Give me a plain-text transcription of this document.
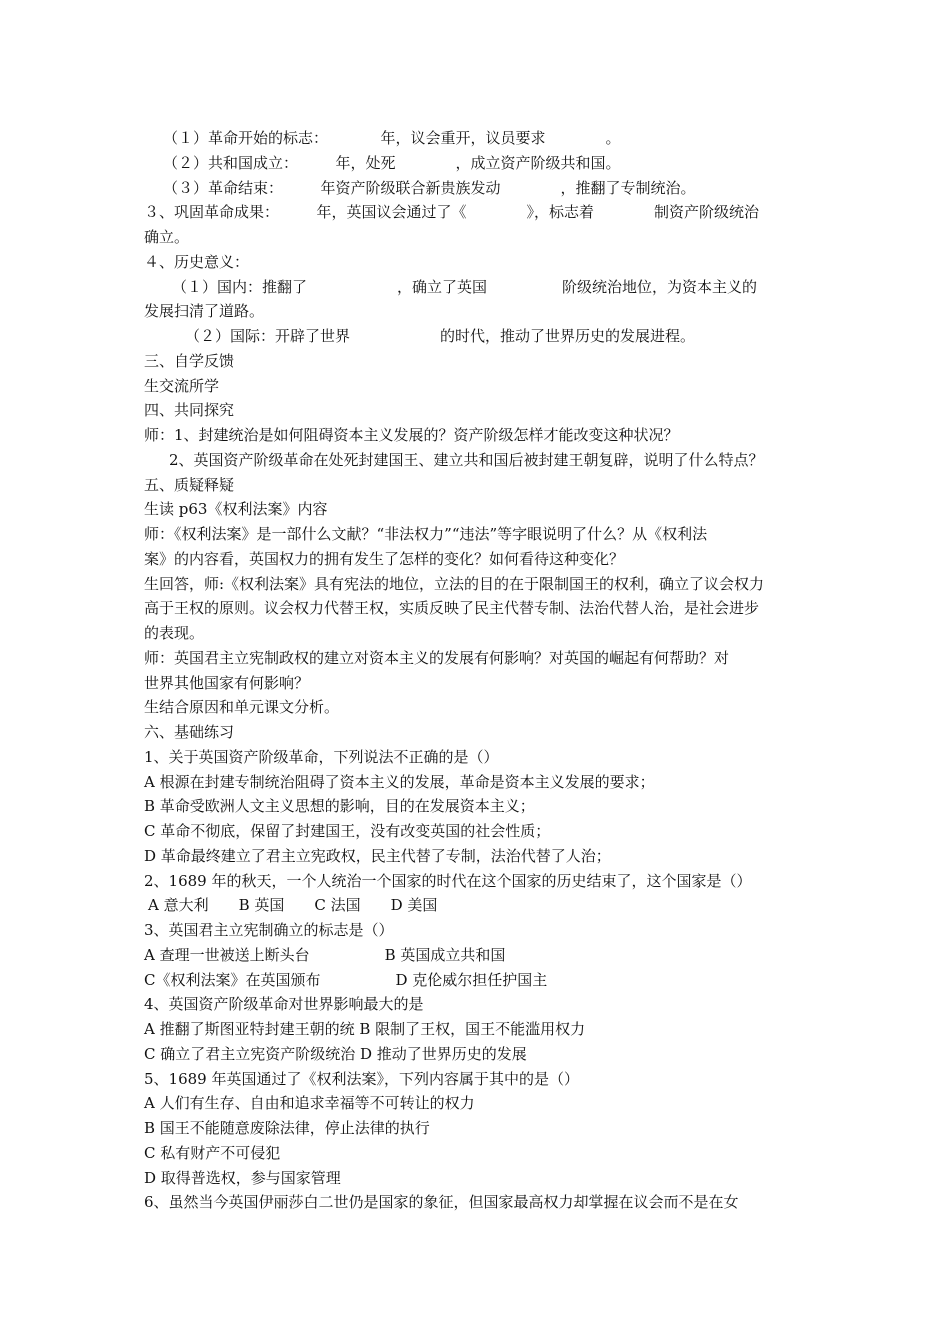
（１）革命开始的标志：　　　　年，议会重开，议员要求　　　　。
（２）共和国成立：　　　年，处死　　　　，成立资产阶级共和国。
（３）革命结束：　　　年资产阶级联合新贵族发动　　　　，推翻了专制统治。
３、巩固革命成果：　　　年，英国议会通过了《　　　　》，标志着　　　　制资产阶级统治
确立。
４、历史意义：
（１）国内：推翻了　　　　　　，确立了英国　　　　　阶级统治地位，为资本主义的
发展扫清了道路。
（２）国际：开辟了世界　　　　　　的时代，推动了世界历史的发展进程。
三、自学反馈
生交流所学
四、共同探究
师：1、封建统治是如何阻碍资本主义发展的？资产阶级怎样才能改变这种状况？
2、英国资产阶级革命在处死封建国王、建立共和国后被封建王朝复辟，说明了什么特点？
五、质疑释疑
生读 p63《权利法案》内容
师：《权利法案》是一部什么文献？“非法权力”“违法”等字眼说明了什么？从《权利法
案》的内容看，英国权力的拥有发生了怎样的变化？如何看待这种变化？
生回答，师:《权利法案》具有宪法的地位，立法的目的在于限制国王的权利，确立了议会权力
高于王权的原则。议会权力代替王权，实质反映了民主代替专制、法治代替人治，是社会进步
的表现。
师：英国君主立宪制政权的建立对资本主义的发展有何影响？对英国的崛起有何帮助？对
世界其他国家有何影响？
生结合原因和单元课文分析。
六、基础练习
1、关于英国资产阶级革命，下列说法不正确的是（）
A 根源在封建专制统治阻碍了资本主义的发展，革命是资本主义发展的要求；
B 革命受欧洲人文主义思想的影响，目的在发展资本主义；
C 革命不彻底，保留了封建国王，没有改变英国的社会性质；
D 革命最终建立了君主立宪政权，民主代替了专制，法治代替了人治；
2、1689 年的秋天，一个人统治一个国家的时代在这个国家的历史结束了，这个国家是（）
A 意大利　　B 英国　　C 法国　　D 美国
3、英国君主立宪制确立的标志是（）
A 查理一世被送上断头台　　　　　B 英国成立共和国
C《权利法案》在英国颁布　　　　　D 克伦威尔担任护国主
4、英国资产阶级革命对世界影响最大的是
A 推翻了斯图亚特封建王朝的统 B 限制了王权，国王不能滥用权力
C 确立了君主立宪资产阶级统治 D 推动了世界历史的发展
5、1689 年英国通过了《权利法案》，下列内容属于其中的是（）
A 人们有生存、自由和追求幸福等不可转让的权力
B 国王不能随意废除法律，停止法律的执行
C 私有财产不可侵犯
D 取得普选权，参与国家管理
6、虽然当今英国伊丽莎白二世仍是国家的象征，但国家最高权力却掌握在议会而不是在女
